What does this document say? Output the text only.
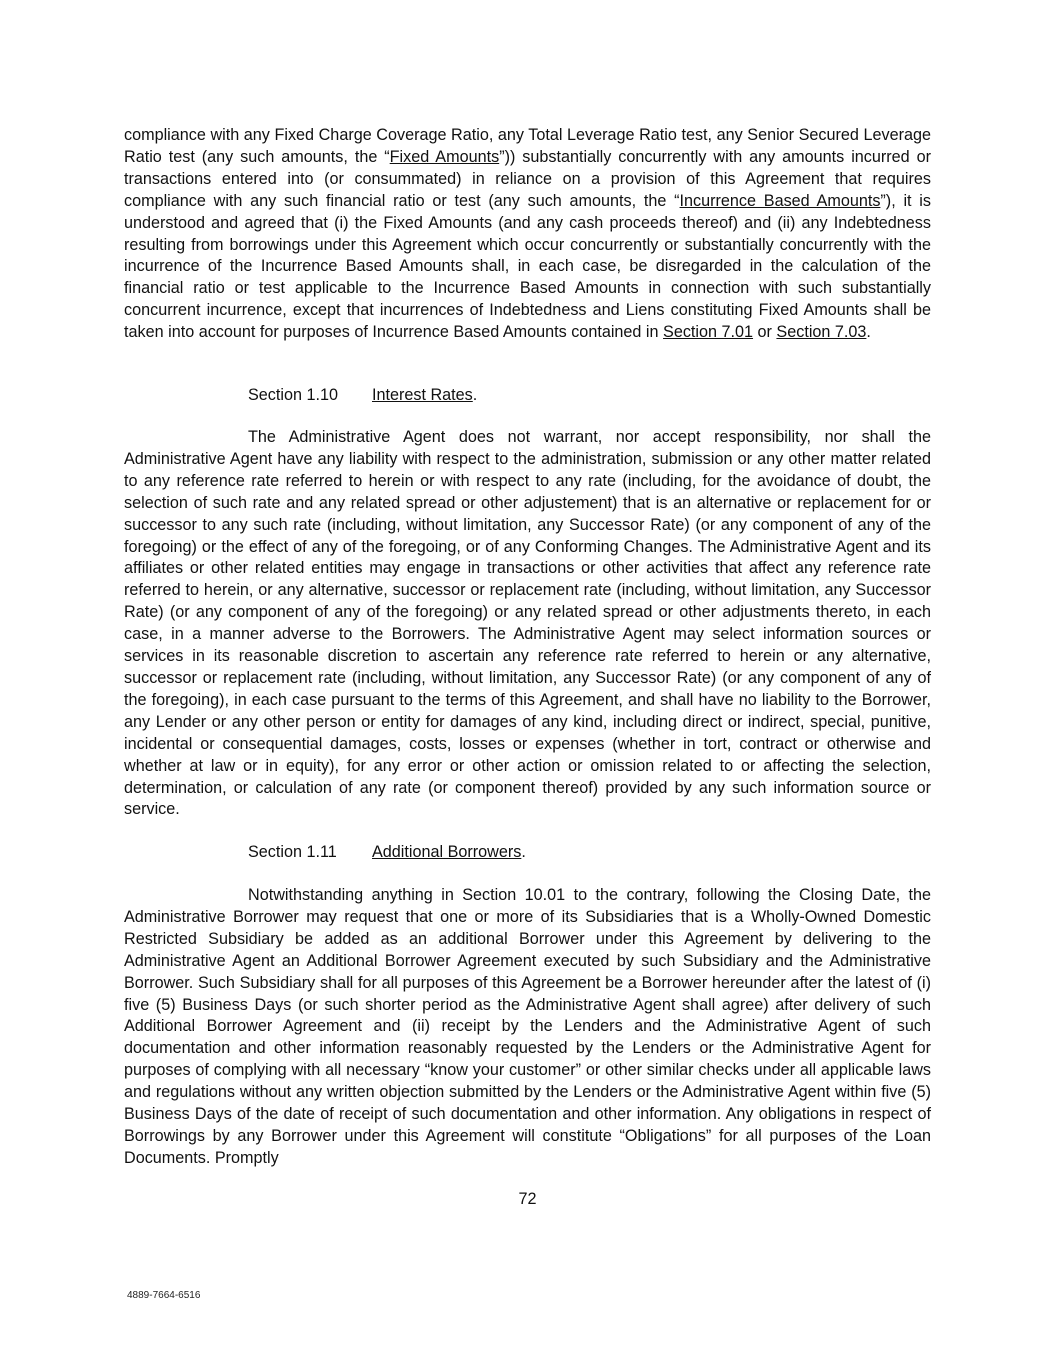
compliance with any Fixed Charge Coverage Ratio, any Total Leverage Ratio test, any Senior Secured Leverage Ratio test (any such amounts, the “Fixed Amounts”)) substantially concurrently with any amounts incurred or transactions entered into (or consummated) in reliance on a provision of this Agreement that requires compliance with any such financial ratio or test (any such amounts, the “Incurrence Based Amounts”), it is understood and agreed that (i) the Fixed Amounts (and any cash proceeds thereof) and (ii) any Indebtedness resulting from borrowings under this Agreement which occur concurrently or substantially concurrently with the incurrence of the Incurrence Based Amounts shall, in each case, be disregarded in the calculation of the financial ratio or test applicable to the Incurrence Based Amounts in connection with such substantially concurrent incurrence, except that incurrences of Indebtedness and Liens constituting Fixed Amounts shall be taken into account for purposes of Incurrence Based Amounts contained in Section 7.01 or Section 7.03.
Section 1.10 Interest Rates.
The Administrative Agent does not warrant, nor accept responsibility, nor shall the Administrative Agent have any liability with respect to the administration, submission or any other matter related to any reference rate referred to herein or with respect to any rate (including, for the avoidance of doubt, the selection of such rate and any related spread or other adjustement) that is an alternative or replacement for or successor to any such rate (including, without limitation, any Successor Rate) (or any component of any of the foregoing) or the effect of any of the foregoing, or of any Conforming Changes. The Administrative Agent and its affiliates or other related entities may engage in transactions or other activities that affect any reference rate referred to herein, or any alternative, successor or replacement rate (including, without limitation, any Successor Rate) (or any component of any of the foregoing) or any related spread or other adjustments thereto, in each case, in a manner adverse to the Borrowers. The Administrative Agent may select information sources or services in its reasonable discretion to ascertain any reference rate referred to herein or any alternative, successor or replacement rate (including, without limitation, any Successor Rate) (or any component of any of the foregoing), in each case pursuant to the terms of this Agreement, and shall have no liability to the Borrower, any Lender or any other person or entity for damages of any kind, including direct or indirect, special, punitive, incidental or consequential damages, costs, losses or expenses (whether in tort, contract or otherwise and whether at law or in equity), for any error or other action or omission related to or affecting the selection, determination, or calculation of any rate (or component thereof) provided by any such information source or service.
Section 1.11 Additional Borrowers.
Notwithstanding anything in Section 10.01 to the contrary, following the Closing Date, the Administrative Borrower may request that one or more of its Subsidiaries that is a Wholly-Owned Domestic Restricted Subsidiary be added as an additional Borrower under this Agreement by delivering to the Administrative Agent an Additional Borrower Agreement executed by such Subsidiary and the Administrative Borrower. Such Subsidiary shall for all purposes of this Agreement be a Borrower hereunder after the latest of (i) five (5) Business Days (or such shorter period as the Administrative Agent shall agree) after delivery of such Additional Borrower Agreement and (ii) receipt by the Lenders and the Administrative Agent of such documentation and other information reasonably requested by the Lenders or the Administrative Agent for purposes of complying with all necessary “know your customer” or other similar checks under all applicable laws and regulations without any written objection submitted by the Lenders or the Administrative Agent within five (5) Business Days of the date of receipt of such documentation and other information. Any obligations in respect of Borrowings by any Borrower under this Agreement will constitute “Obligations” for all purposes of the Loan Documents. Promptly
72
4889-7664-6516
